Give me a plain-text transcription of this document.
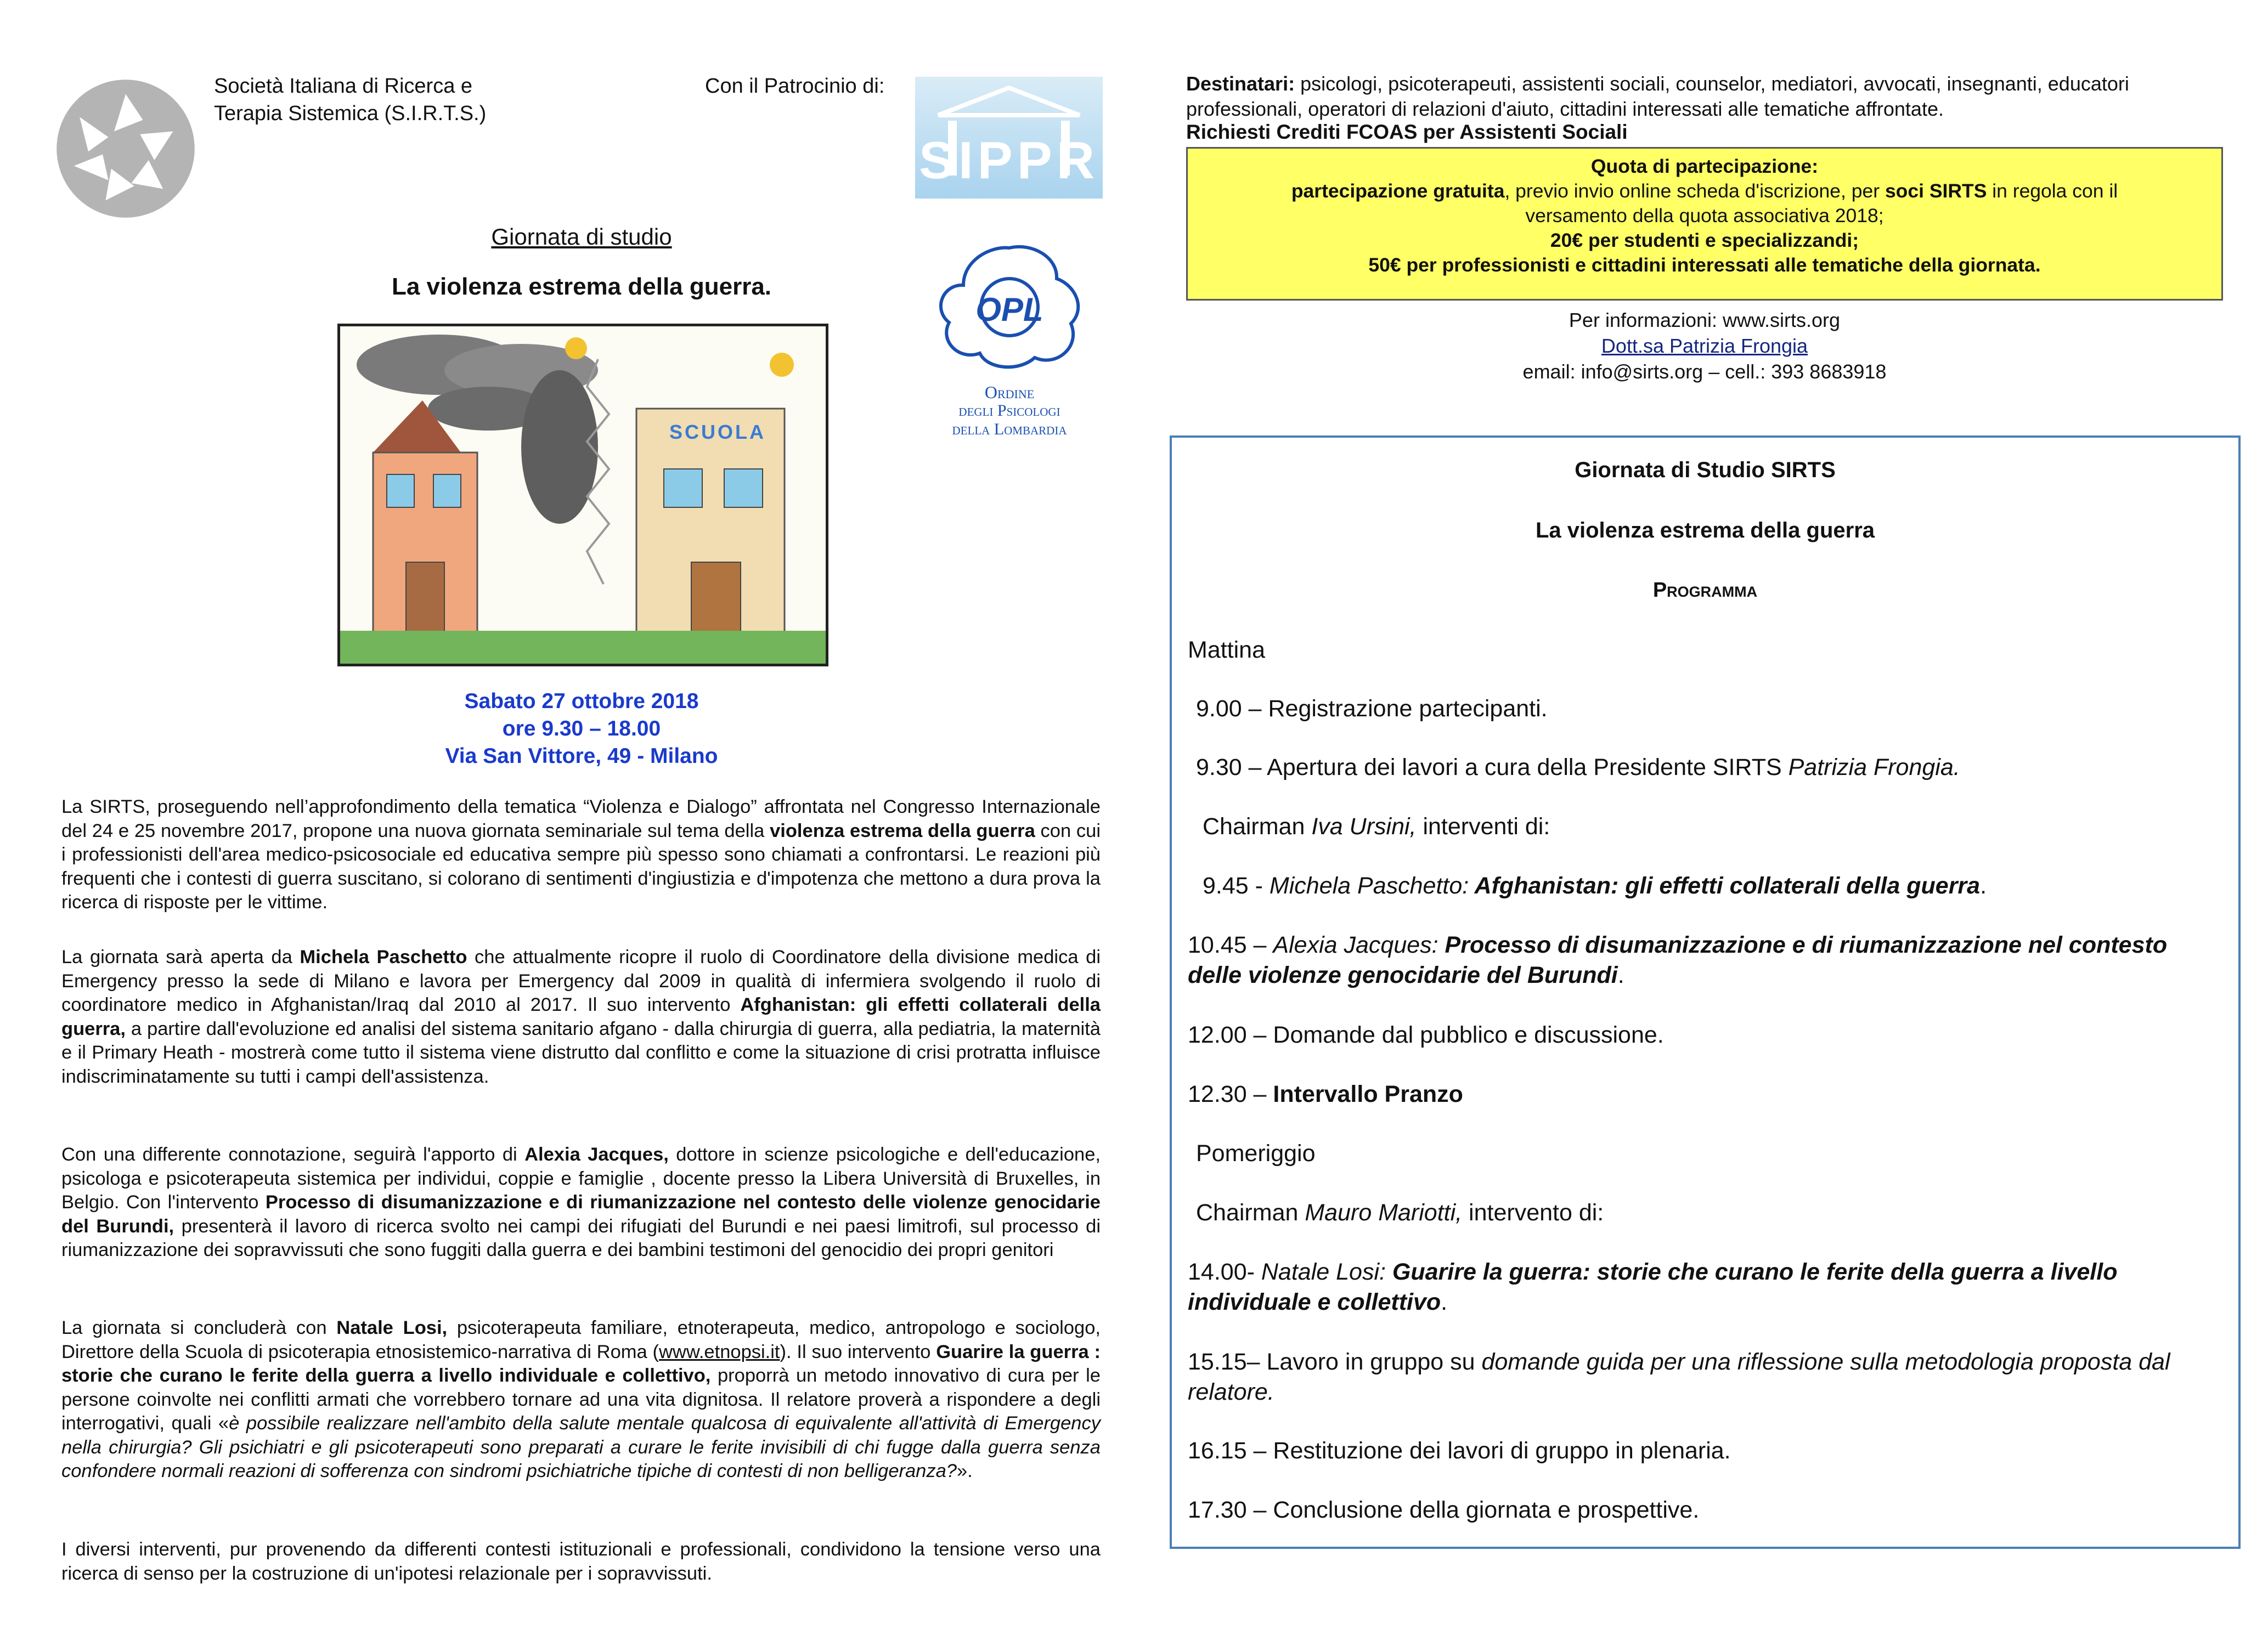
Società Italiana di Ricerca e
Terapia Sistemica (S.I.R.T.S.)
Con il Patrocinio di:
SIPPR
OPL
Ordine
degli Psicologi
della Lombardia
Giornata di studio
La violenza estrema della guerra.
SCUOLA
Sabato 27 ottobre 2018
ore 9.30 – 18.00
Via San Vittore, 49 - Milano
La SIRTS, proseguendo nell’approfondimento della tematica “Violenza e Dialogo” affrontata nel Congresso Internazionale del 24 e 25 novembre 2017, propone una nuova giornata seminariale sul tema della violenza estrema della guerra con cui i professionisti dell'area medico-psicosociale ed educativa sempre più spesso sono chiamati a confrontarsi. Le reazioni più frequenti che i contesti di guerra suscitano, si colorano di sentimenti d'ingiustizia e d'impotenza che mettono a dura prova la ricerca di risposte per le vittime.
La giornata sarà aperta da Michela Paschetto che attualmente ricopre il ruolo di Coordinatore della divisione medica di Emergency presso la sede di Milano e lavora per Emergency dal 2009 in qualità di infermiera svolgendo il ruolo di coordinatore medico in Afghanistan/Iraq dal 2010 al 2017. Il suo intervento Afghanistan: gli effetti collaterali della guerra, a partire dall'evoluzione ed analisi del sistema sanitario afgano - dalla chirurgia di guerra, alla pediatria, la maternità e il Primary Heath - mostrerà come tutto il sistema viene distrutto dal conflitto e come la situazione di crisi protratta influisce indiscriminatamente su tutti i campi dell'assistenza.
Con una differente connotazione, seguirà l'apporto di Alexia Jacques, dottore in scienze psicologiche e dell'educazione, psicologa e psicoterapeuta sistemica per individui, coppie e famiglie , docente presso la Libera Università di Bruxelles, in Belgio. Con l'intervento Processo di disumanizzazione e di riumanizzazione nel contesto delle violenze genocidarie del Burundi, presenterà il lavoro di ricerca svolto nei campi dei rifugiati del Burundi e nei paesi limitrofi, sul processo di riumanizzazione dei sopravvissuti che sono fuggiti dalla guerra e dei bambini testimoni del genocidio dei propri genitori
La giornata si concluderà con Natale Losi, psicoterapeuta familiare, etnoterapeuta, medico, antropologo e sociologo, Direttore della Scuola di psicoterapia etnosistemico-narrativa di Roma (www.etnopsi.it). Il suo intervento Guarire la guerra : storie che curano le ferite della guerra a livello individuale e collettivo, proporrà un metodo innovativo di cura per le persone coinvolte nei conflitti armati che vorrebbero tornare ad una vita dignitosa. Il relatore proverà a rispondere a degli interrogativi, quali «è possibile realizzare nell'ambito della salute mentale qualcosa di equivalente all'attività di Emergency nella chirurgia? Gli psichiatri e gli psicoterapeuti sono preparati a curare le ferite invisibili di chi fugge dalla guerra senza confondere normali reazioni di sofferenza con sindromi psichiatriche tipiche di contesti di non belligeranza?».
I diversi interventi, pur provenendo da differenti contesti istituzionali e professionali, condividono la tensione verso una ricerca di senso per la costruzione di un'ipotesi relazionale per i sopravvissuti.
Destinatari: psicologi, psicoterapeuti, assistenti sociali, counselor, mediatori, avvocati, insegnanti, educatori professionali, operatori di relazioni d'aiuto, cittadini interessati alle tematiche affrontate.
Richiesti Crediti FCOAS per Assistenti Sociali
Quota di partecipazione:
partecipazione gratuita, previo invio online scheda d'iscrizione, per soci SIRTS in regola con il
versamento della quota associativa 2018;
20€ per studenti e specializzandi;
50€ per professionisti e cittadini interessati alle tematiche della giornata.
Per informazioni: www.sirts.org
Dott.sa Patrizia Frongia
email: info@sirts.org – cell.: 393 8683918
Giornata di Studio SIRTS
La violenza estrema della guerra
Programma
Mattina
9.00 – Registrazione partecipanti.
9.30 – Apertura dei lavori a cura della Presidente SIRTS Patrizia Frongia.
Chairman Iva Ursini, interventi di:
9.45 - Michela Paschetto: Afghanistan: gli effetti collaterali della guerra.
10.45 – Alexia Jacques: Processo di disumanizzazione e di riumanizzazione nel contesto delle violenze genocidarie del Burundi.
12.00 – Domande dal pubblico e discussione.
12.30 – Intervallo Pranzo
Pomeriggio
Chairman Mauro Mariotti, intervento di:
14.00- Natale Losi: Guarire la guerra: storie che curano le ferite della guerra a livello individuale e collettivo.
15.15– Lavoro in gruppo su domande guida per una riflessione sulla metodologia proposta dal relatore.
16.15 – Restituzione dei lavori di gruppo in plenaria.
17.30 – Conclusione della giornata e prospettive.
